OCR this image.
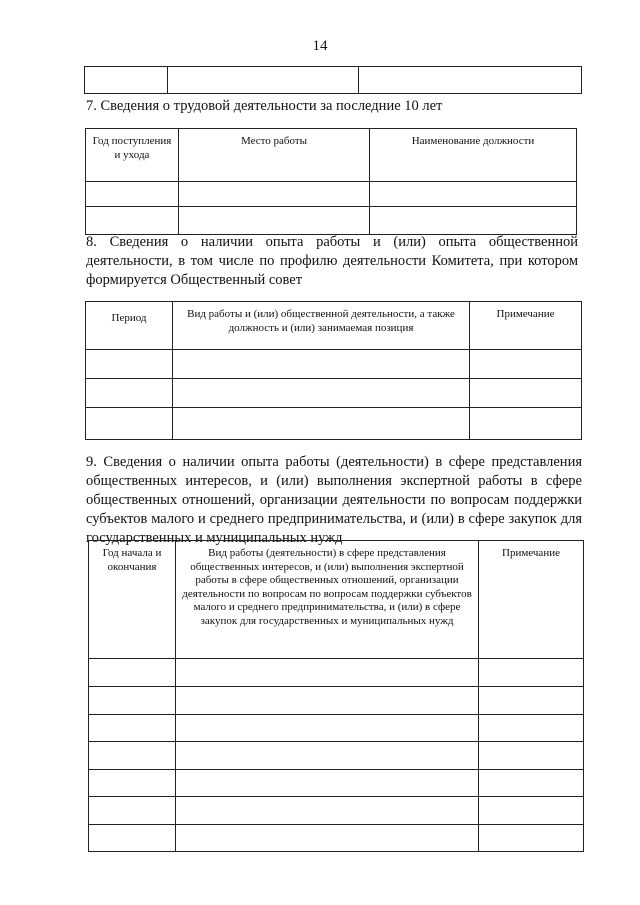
14

7. Сведения о трудовой деятельности за последние 10 лет
Год поступления и ухода	Место работы	Наименование должности

8. Сведения о наличии опыта работы и (или) опыта общественной деятельности, в том числе по профилю деятельности Комитета, при котором формируется Общественный совет
Период	Вид работы и (или) общественной деятельности, а также должность и (или) занимаемая позиция	Примечание

9. Сведения о наличии опыта работы (деятельности) в сфере представления общественных интересов, и (или) выполнения экспертной работы в сфере общественных отношений, организации деятельности по вопросам поддержки субъектов малого и среднего предпринимательства, и (или) в сфере закупок для государственных и муниципальных нужд
Год начала и окончания	Вид работы (деятельности) в сфере представления общественных интересов, и (или) выполнения экспертной работы в сфере общественных отношений, организации деятельности по вопросам по вопросам поддержки субъектов малого и среднего предпринимательства, и (или) в сфере закупок для государственных и муниципальных нужд	Примечание
